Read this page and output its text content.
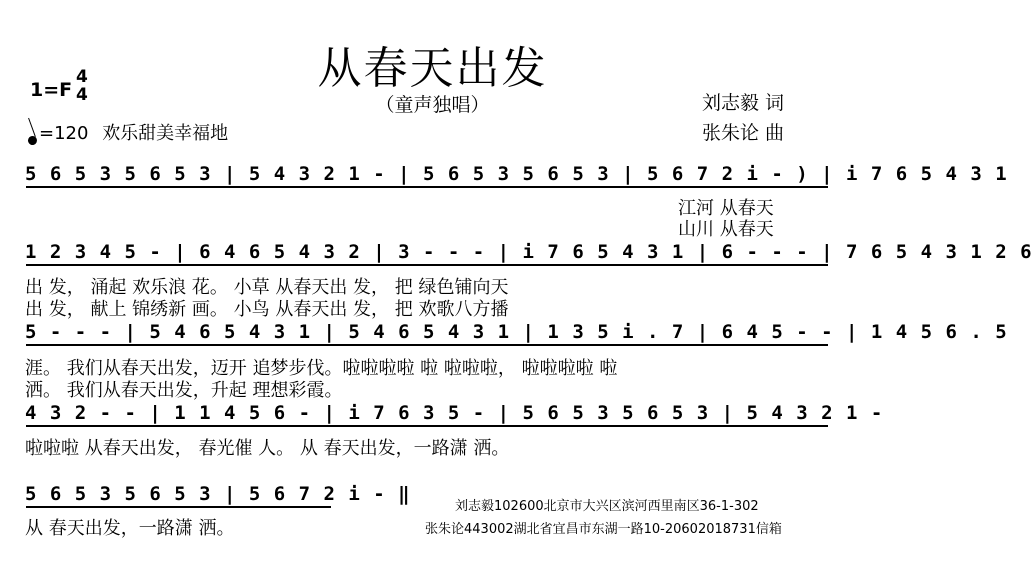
从春天出发
（童声独唱）
1=F
4
4
=120 欢乐甜美幸福地
刘志毅 词
张朱论 曲
5 6 5 3 5 6 5 3 | 5 4 3 2 1 - | 5 6 5 3 5 6 5 3 | 5 6 7 2 i - ) | i 7 6 5 4 3 1
江河 从春天
山川 从春天
1 2 3 4 5 - | 6 4 6 5 4 3 2 | 3 - - - | i 7 6 5 4 3 1 | 6 - - - | 7 6 5 4 3 1 2 6
出 发， 涌起 欢乐浪 花。 小草 从春天出 发， 把 绿色铺向天
出 发， 献上 锦绣新 画。 小鸟 从春天出 发， 把 欢歌八方播
5 - - - | 5 4 6 5 4 3 1 | 5 4 6 5 4 3 1 | 1 3 5 i . 7 | 6 4 5 - - | 1 4 5 6 . 5
涯。 我们从春天出发，迈开 追梦步伐。啦啦啦啦 啦 啦啦啦， 啦啦啦啦 啦
洒。 我们从春天出发，升起 理想彩霞。
4 3 2 - - | 1 1 4 5 6 - | i 7 6 3 5 - | 5 6 5 3 5 6 5 3 | 5 4 3 2 1 -
啦啦啦 从春天出发， 春光催 人。 从 春天出发，一路潇 洒。
5 6 5 3 5 6 5 3 | 5 6 7 2 i - ‖
从 春天出发，一路潇 洒。
刘志毅102600北京市大兴区滨河西里南区36-1-302
张朱论443002湖北省宜昌市东湖一路10-20602018731信箱
